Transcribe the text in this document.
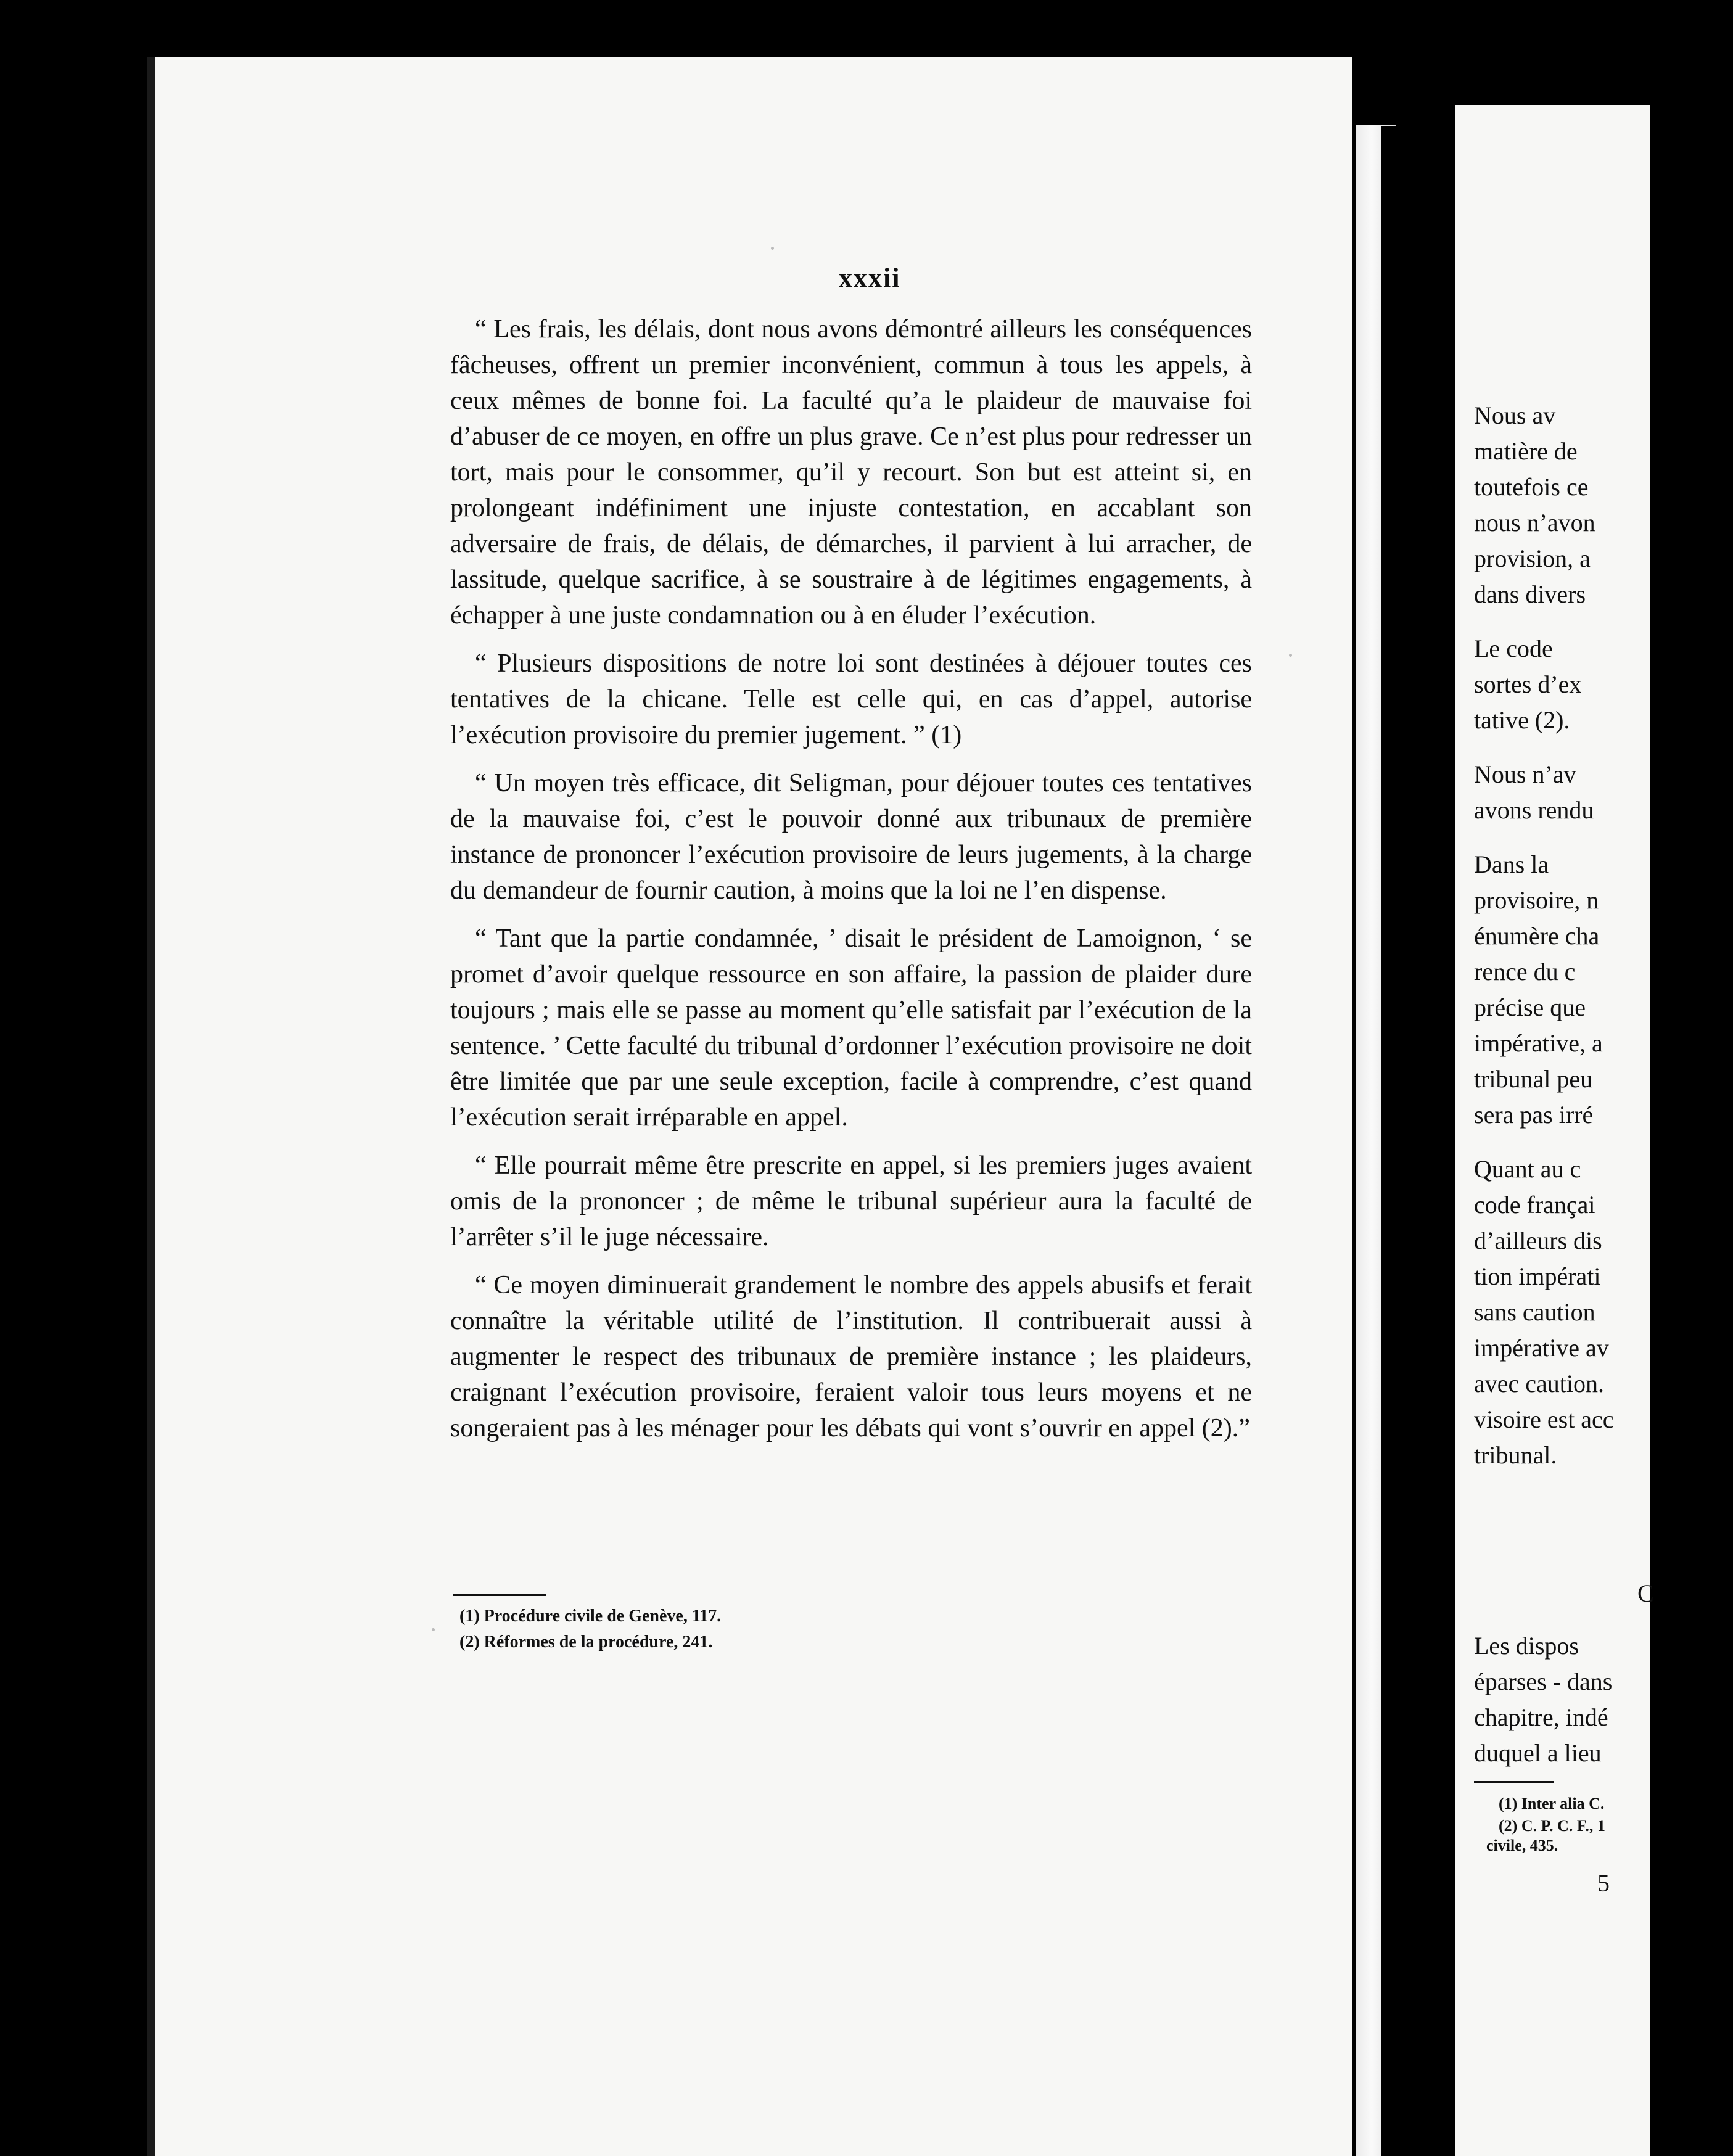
Nous av
matière de
toutefois ce
nous n’avon
provision, a
dans divers
Le code
sortes d’ex
tative (2).
Nous n’av
avons rendu
Dans la
provisoire, n
énumère cha
rence du c
précise que
impérative, a
tribunal peu
sera pas irré
Quant au c
code françai
d’ailleurs dis
tion impérati
sans caution
impérative av
avec caution.
visoire est acc
tribunal.
C
Les dispos
éparses - dans
chapitre, indé
duquel a lieu
(1) Inter alia C.
(2) C. P. C. F., 1
civile, 435.
5
xxxii

“ Les frais, les délais, dont nous avons démontré ailleurs les conséquences fâcheuses, offrent un premier inconvénient, commun à tous les appels, à ceux mêmes de bonne foi. La faculté qu’a le plaideur de mauvaise foi d’abuser de ce moyen, en offre un plus grave. Ce n’est plus pour redresser un tort, mais pour le consommer, qu’il y recourt. Son but est atteint si, en prolongeant indéfiniment une injuste contestation, en accablant son adversaire de frais, de délais, de démarches, il parvient à lui arracher, de lassitude, quelque sacrifice, à se soustraire à de légitimes engagements, à échapper à une juste condamnation ou à en éluder l’exécution.

“ Plusieurs dispositions de notre loi sont destinées à déjouer toutes ces tentatives de la chicane. Telle est celle qui, en cas d’appel, autorise l’exécution provisoire du premier jugement. ” (1)

“ Un moyen très efficace, dit Seligman, pour déjouer toutes ces tentatives de la mauvaise foi, c’est le pouvoir donné aux tribunaux de première instance de prononcer l’exécution provisoire de leurs jugements, à la charge du demandeur de fournir caution, à moins que la loi ne l’en dispense.

“ Tant que la partie condamnée, ’ disait le président de Lamoignon, ‘ se promet d’avoir quelque ressource en son affaire, la passion de plaider dure toujours ; mais elle se passe au moment qu’elle satisfait par l’exécution de la sentence. ’ Cette faculté du tribunal d’ordonner l’exécution provisoire ne doit être limitée que par une seule exception, facile à comprendre, c’est quand l’exécution serait irréparable en appel.

“ Elle pourrait même être prescrite en appel, si les premiers juges avaient omis de la prononcer ; de même le tribunal supérieur aura la faculté de l’arrêter s’il le juge nécessaire.

“ Ce moyen diminuerait grandement le nombre des appels abusifs et ferait connaître la véritable utilité de l’institution. Il contribuerait aussi à augmenter le respect des tribunaux de première instance ; les plaideurs, craignant l’exécution provisoire, feraient valoir tous leurs moyens et ne songeraient pas à les ménager pour les débats qui vont s’ouvrir en appel (2).”

(1) Procédure civile de Genève, 117.
(2) Réformes de la procédure, 241.
